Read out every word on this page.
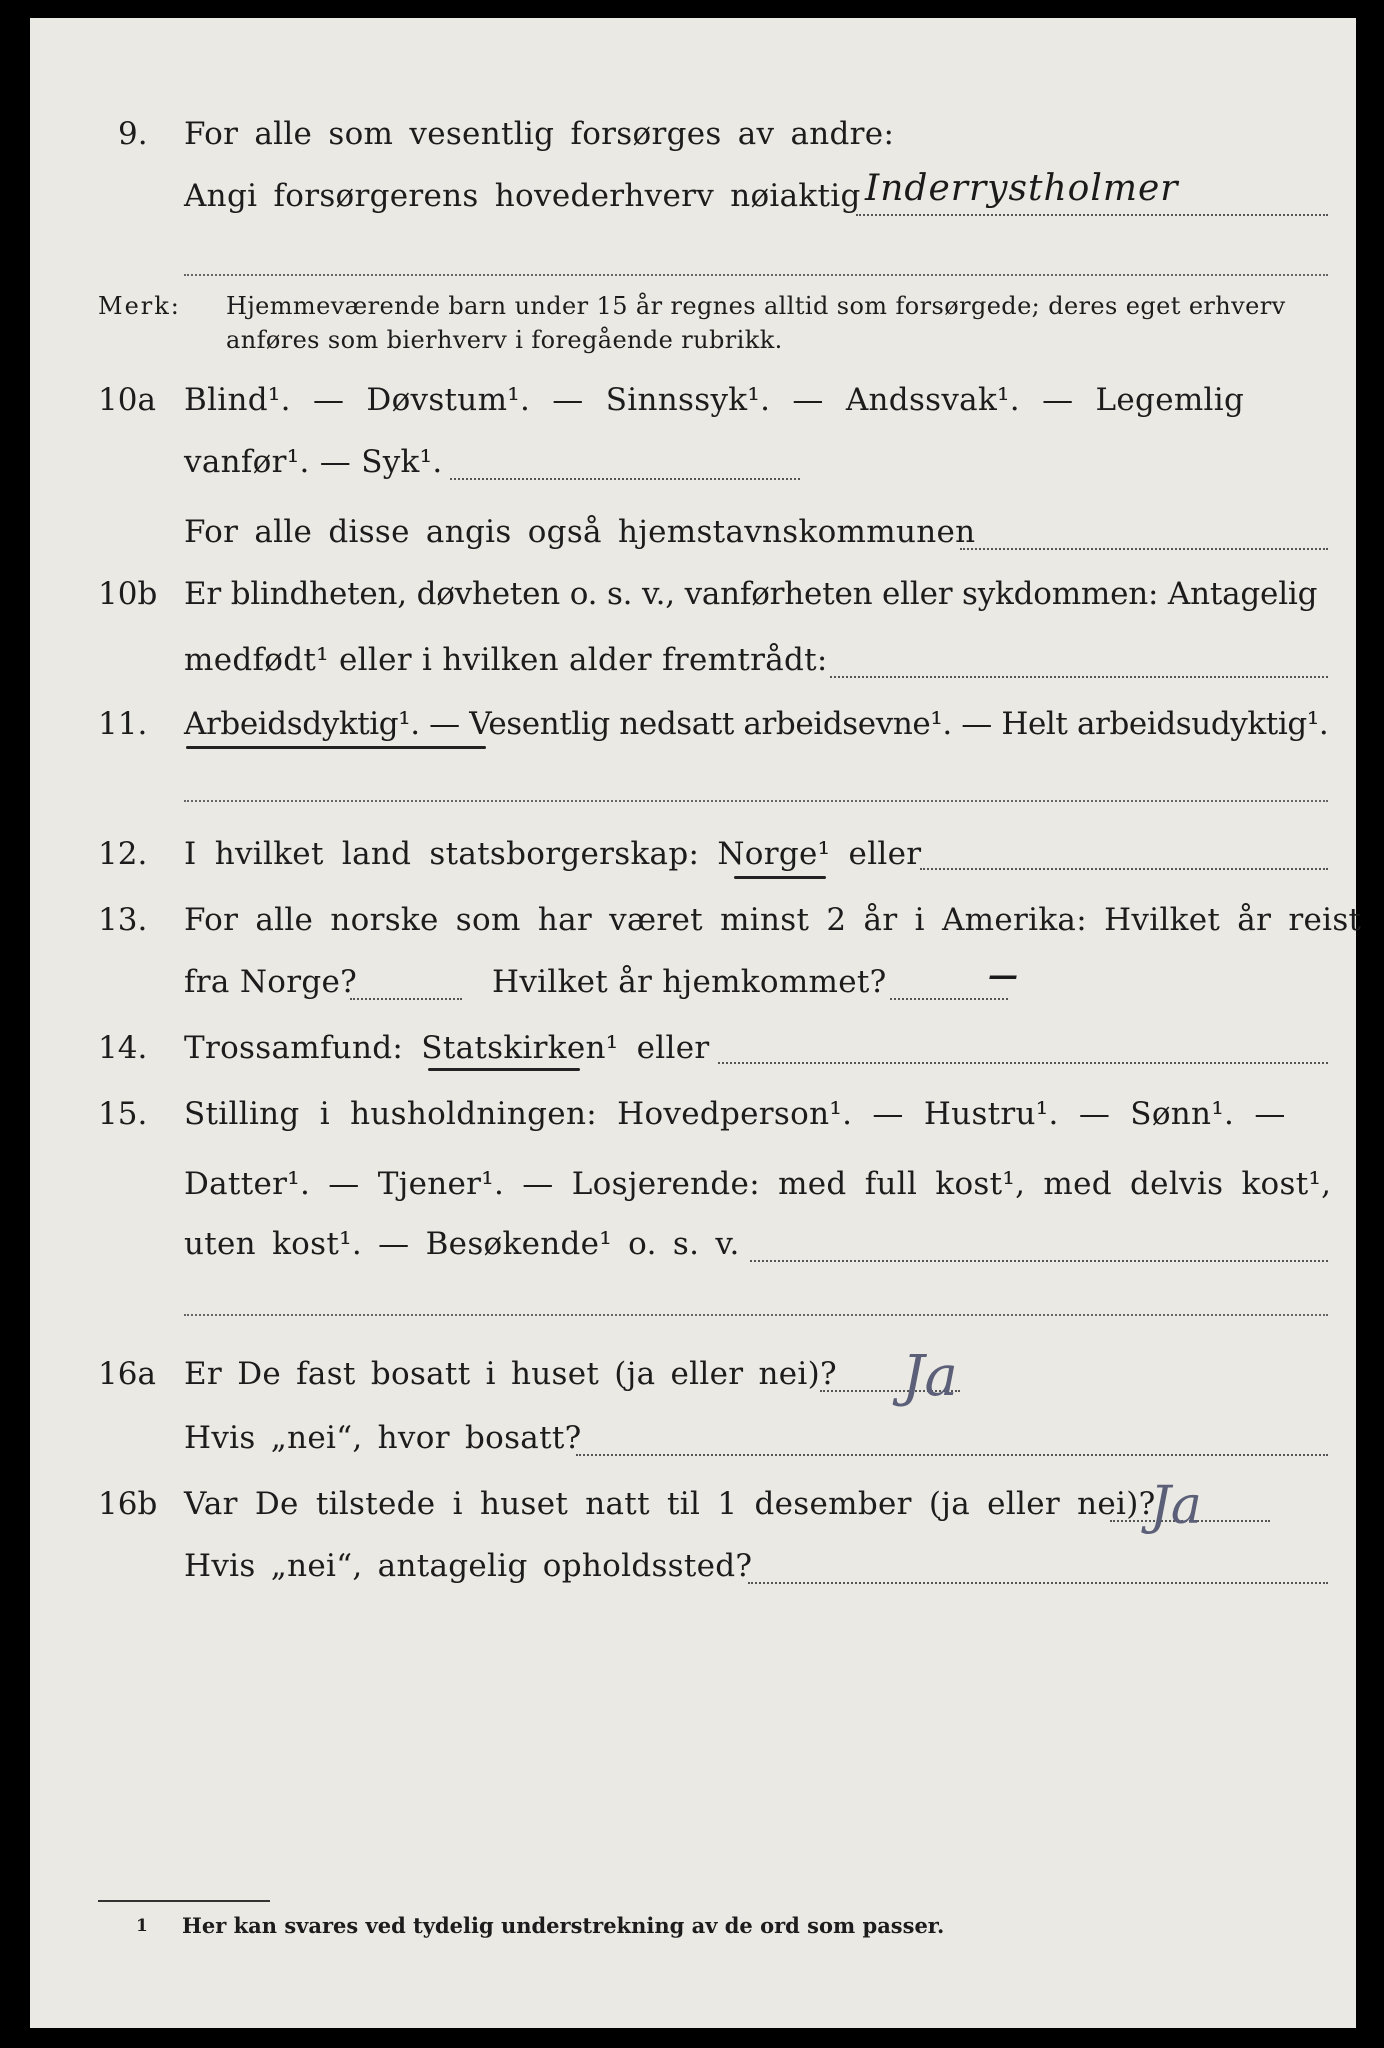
9. For alle som vesentlig forsørges av andre:
Angi forsørgerens hovederhverv nøiaktig Inderrystholmer
Merk: Hjemmeværende barn under 15 år regnes alltid som forsørgede; deres eget erhverv
anføres som bierhverv i foregående rubrikk.
10a Blind¹. — Døvstum¹. — Sinnssyk¹. — Andssvak¹. — Legemlig
vanfør¹. — Syk¹.
For alle disse angis også hjemstavnskommunen
10b Er blindheten, døvheten o. s. v., vanførheten eller sykdommen: Antagelig
medfødt¹ eller i hvilken alder fremtrådt:
11. Arbeidsdyktig¹. — Vesentlig nedsatt arbeidsevne¹. — Helt arbeidsudyktig¹.
12. I hvilket land statsborgerskap: Norge¹ eller
13. For alle norske som har været minst 2 år i Amerika: Hvilket år reist
fra Norge?	Hvilket år hjemkommet?	—
14. Trossamfund: Statskirken¹ eller
15. Stilling i husholdningen: Hovedperson¹. — Hustru¹. — Sønn¹. —
Datter¹. — Tjener¹. — Losjerende: med full kost¹, med delvis kost¹,
uten kost¹. — Besøkende¹ o. s. v.
16a Er De fast bosatt i huset (ja eller nei)? Ja
Hvis „nei“, hvor bosatt?
16b Var De tilstede i huset natt til 1 desember (ja eller nei)?
Ja
Hvis „nei“, antagelig opholdssted?
1 Her kan svares ved tydelig understrekning av de ord som passer.
